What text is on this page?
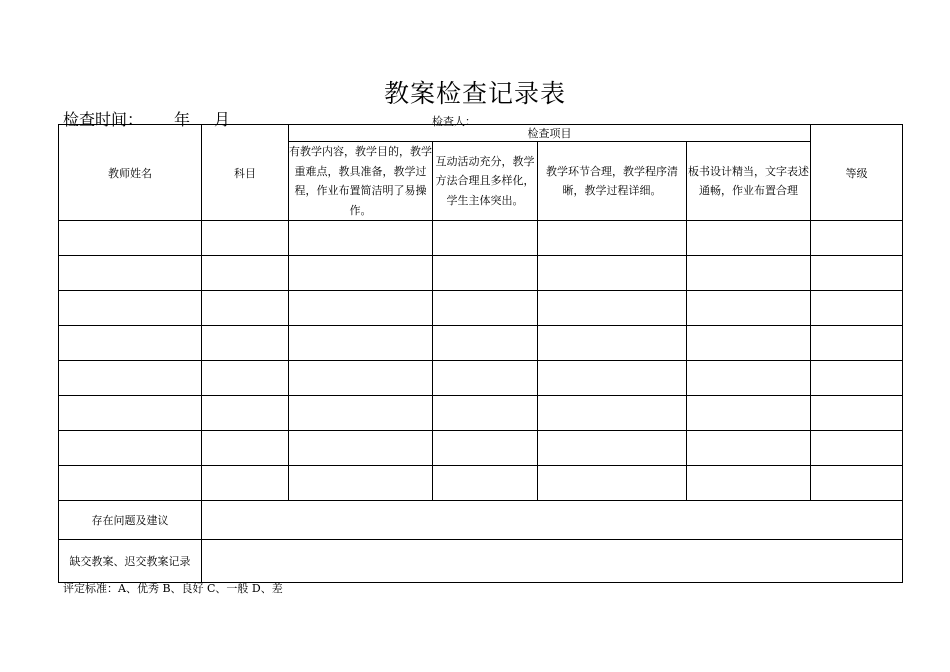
教案检查记录表
检查时间： 年 月	检查人：
教师姓名	科目	检查项目				等级
		有教学内容，教学目的，教学重难点，教具准备，教学过程，作业布置简洁明了易操作。	互动活动充分，教学方法合理且多样化，学生主体突出。	教学环节合理，教学程序清晰，教学过程详细。	板书设计精当，文字表述通畅，作业布置合理	

存在问题及建议						
缺交教案、迟交教案记录						
评定标准：A、优秀 B、良好 C、一般 D、差
